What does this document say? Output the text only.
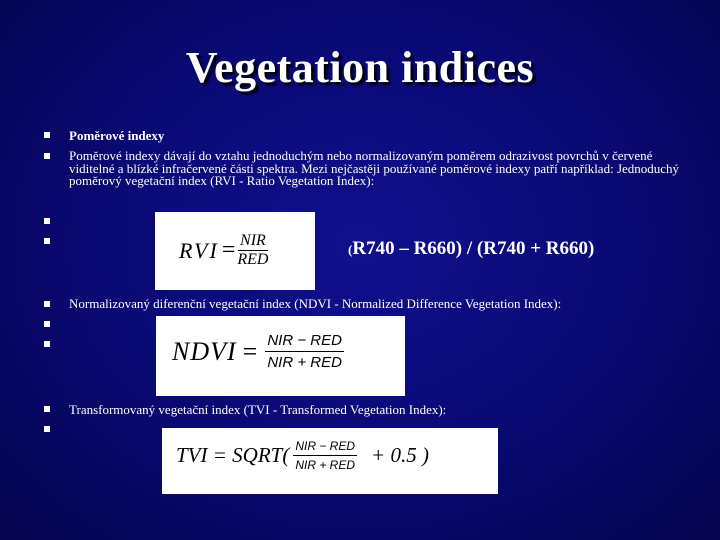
Vegetation indices
Poměrové indexy
Poměrové indexy dávají do vztahu jednoduchým nebo normalizovaným poměrem odrazivost povrchů v červené viditelné a blízké infračervené části spektra. Mezi nejčastěji používané poměrové indexy patří například: Jednoduchý poměrový vegetační index (RVI - Ratio Vegetation Index):
Normalizovaný diferenční vegetační index (NDVI - Normalized Difference Vegetation Index):
Transformovaný vegetační index (TVI - Transformed Vegetation Index):
RVI = $\frac{\text{NIR}}{\text{RED}}$	(R740 – R660) / (R740 + R660)
NDVI = $\frac{\text{NIR − RED}}{\text{NIR + RED}}$
TVI = SQRT( $\frac{\text{NIR − RED}}{\text{NIR + RED}} + 0.5$ )
